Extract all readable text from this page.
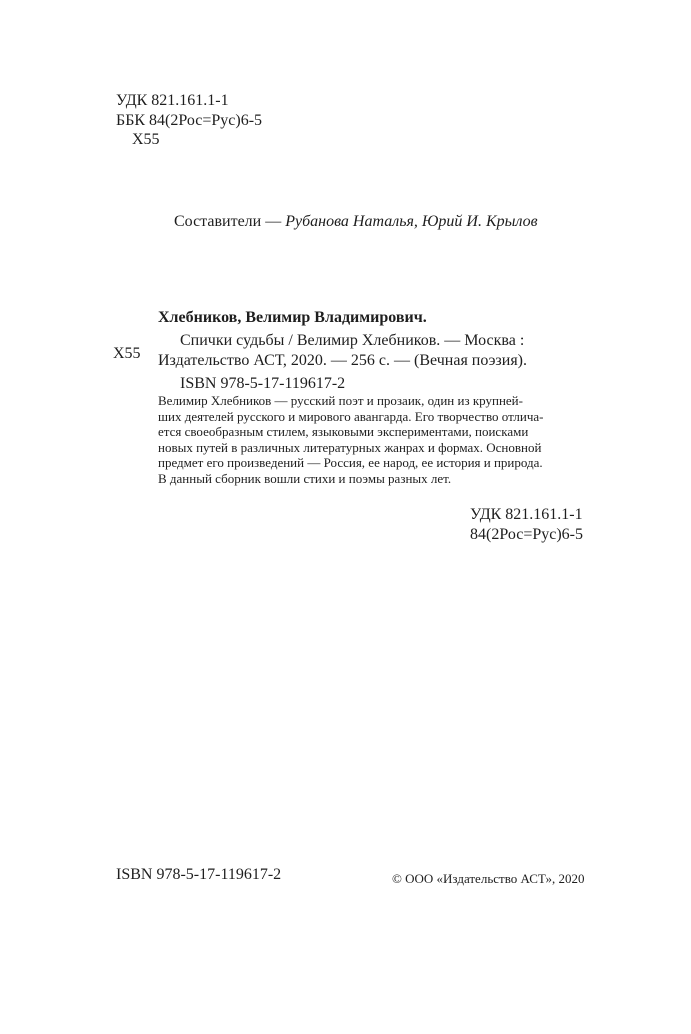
УДК 821.161.1-1
ББК 84(2Рос=Рус)6-5
Х55
Составители — Рубанова Наталья, Юрий И. Крылов
Хлебников, Велимир Владимирович.
Спички судьбы / Велимир Хлебников. — Москва :
Х55 Издательство АСТ, 2020. — 256 с. — (Вечная поэзия).
ISBN 978-5-17-119617-2
Велимир Хлебников — русский поэт и прозаик, один из крупней-
ших деятелей русского и мирового авангарда. Его творчество отлича-
ется своеобразным стилем, языковыми экспериментами, поисками
новых путей в различных литературных жанрах и формах. Основной
предмет его произведений — Россия, ее народ, ее история и природа.
В данный сборник вошли стихи и поэмы разных лет.
УДК 821.161.1-1
84(2Рос=Рус)6-5
ISBN 978-5-17-119617-2	© ООО «Издательство АСТ», 2020
